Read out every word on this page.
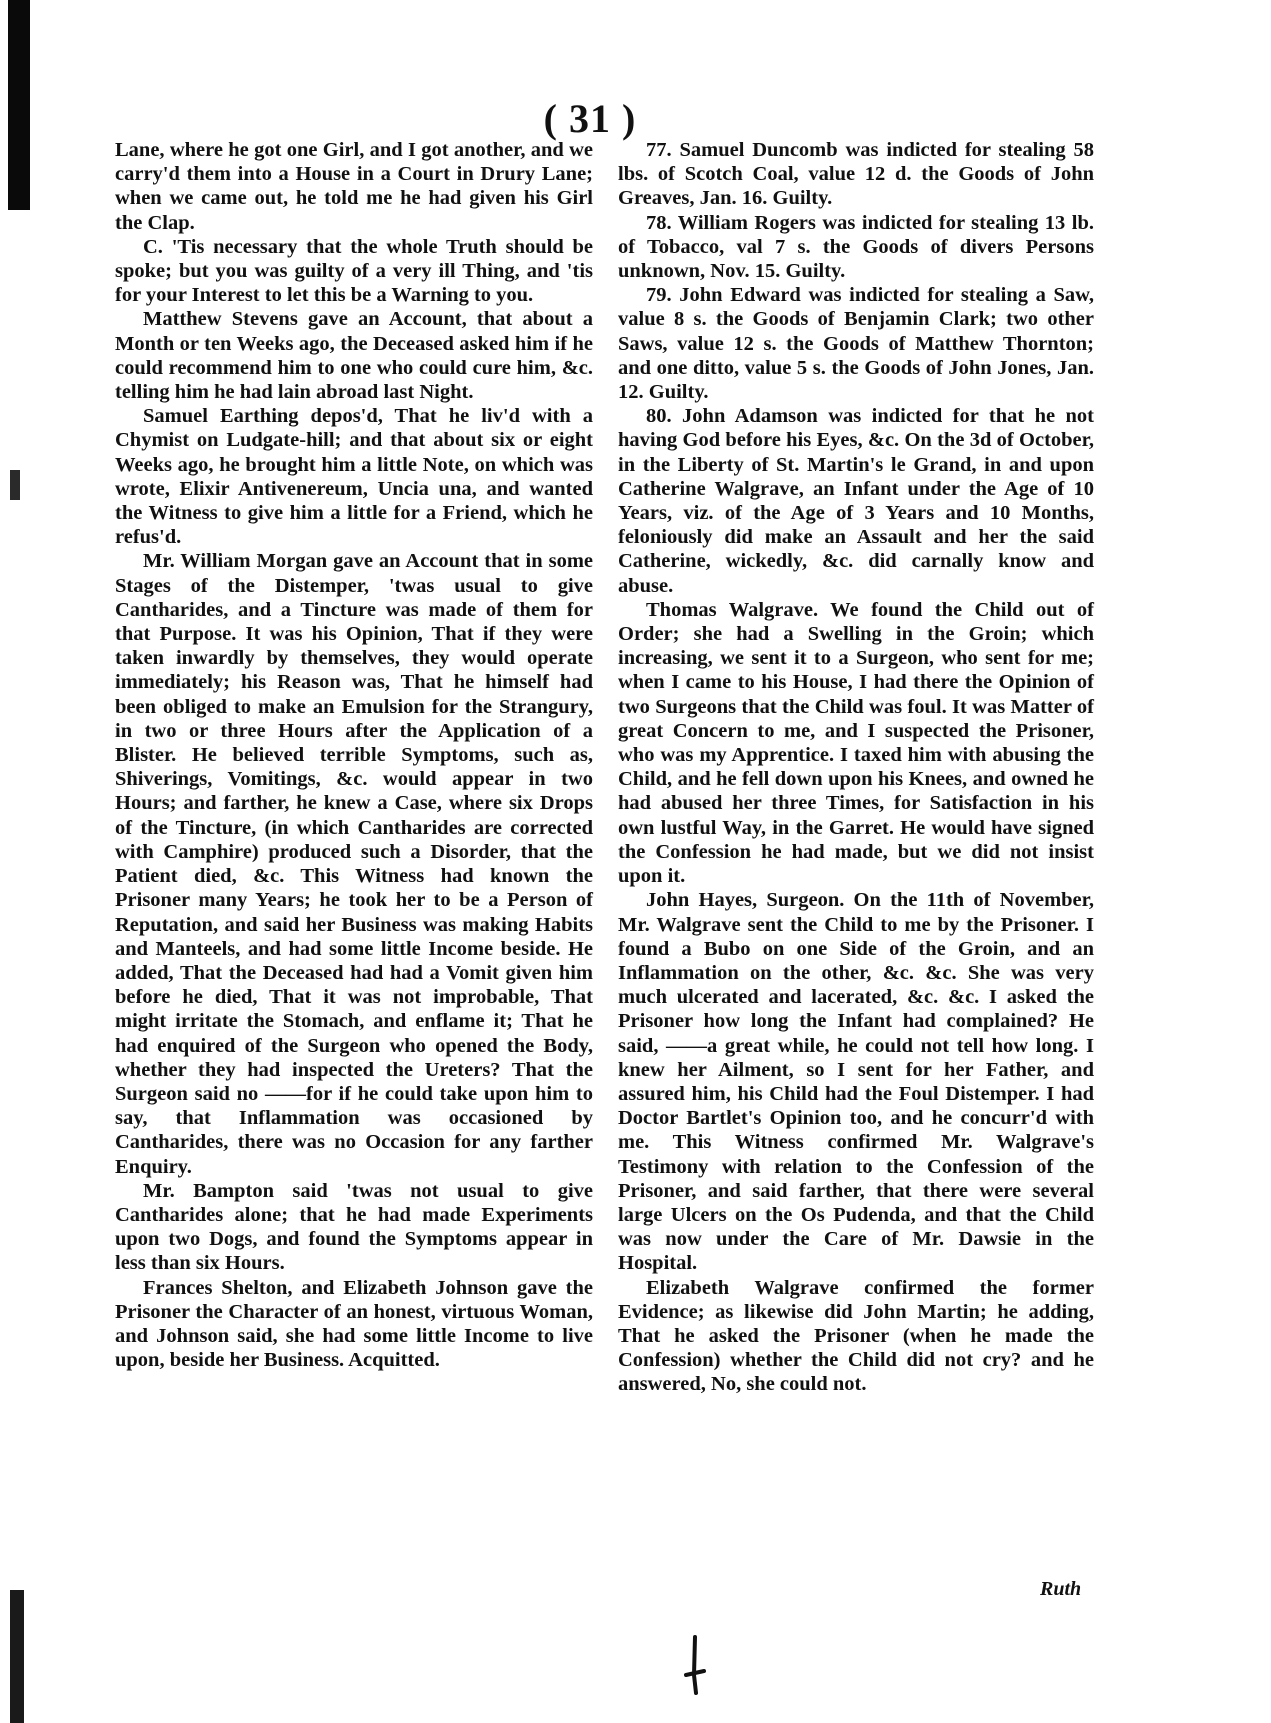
( 31 )

Lane, where he got one Girl, and I got another, and we carry'd them into a House in a Court in Drury Lane; when we came out, he told me he had given his Girl the Clap.

C. 'Tis necessary that the whole Truth should be spoke; but you was guilty of a very ill Thing, and 'tis for your Interest to let this be a Warning to you.

Matthew Stevens gave an Account, that about a Month or ten Weeks ago, the Deceased asked him if he could recommend him to one who could cure him, &c. telling him he had lain abroad last Night.

Samuel Earthing depos'd, That he liv'd with a Chymist on Ludgate-hill; and that about six or eight Weeks ago, he brought him a little Note, on which was wrote, Elixir Antivenereum, Uncia una, and wanted the Witness to give him a little for a Friend, which he refus'd.

Mr. William Morgan gave an Account that in some Stages of the Distemper, 'twas usual to give Cantharides, and a Tincture was made of them for that Purpose. It was his Opinion, That if they were taken inwardly by themselves, they would operate immediately; his Reason was, That he himself had been obliged to make an Emulsion for the Strangury, in two or three Hours after the Application of a Blister. He believed terrible Symptoms, such as, Shiverings, Vomitings, &c. would appear in two Hours; and farther, he knew a Case, where six Drops of the Tincture, (in which Cantharides are corrected with Camphire) produced such a Disorder, that the Patient died, &c. This Witness had known the Prisoner many Years; he took her to be a Person of Reputation, and said her Business was making Habits and Manteels, and had some little Income beside. He added, That the Deceased had had a Vomit given him before he died, That it was not improbable, That might irritate the Stomach, and enflame it; That he had enquired of the Surgeon who opened the Body, whether they had inspected the Ureters? That the Surgeon said no ——for if he could take upon him to say, that Inflammation was occasioned by Cantharides, there was no Occasion for any farther Enquiry.

Mr. Bampton said 'twas not usual to give Cantharides alone; that he had made Experiments upon two Dogs, and found the Symptoms appear in less than six Hours.

Frances Shelton, and Elizabeth Johnson gave the Prisoner the Character of an honest, virtuous Woman, and Johnson said, she had some little Income to live upon, beside her Business. Acquitted.

77. Samuel Duncomb was indicted for stealing 58 lbs. of Scotch Coal, value 12 d. the Goods of John Greaves, Jan. 16. Guilty.

78. William Rogers was indicted for stealing 13 lb. of Tobacco, val 7 s. the Goods of divers Persons unknown, Nov. 15. Guilty.

79. John Edward was indicted for stealing a Saw, value 8 s. the Goods of Benjamin Clark; two other Saws, value 12 s. the Goods of Matthew Thornton; and one ditto, value 5 s. the Goods of John Jones, Jan. 12. Guilty.

80. John Adamson was indicted for that he not having God before his Eyes, &c. On the 3d of October, in the Liberty of St. Martin's le Grand, in and upon Catherine Walgrave, an Infant under the Age of 10 Years, viz. of the Age of 3 Years and 10 Months, feloniously did make an Assault and her the said Catherine, wickedly, &c. did carnally know and abuse.

Thomas Walgrave. We found the Child out of Order; she had a Swelling in the Groin; which increasing, we sent it to a Surgeon, who sent for me; when I came to his House, I had there the Opinion of two Surgeons that the Child was foul. It was Matter of great Concern to me, and I suspected the Prisoner, who was my Apprentice. I taxed him with abusing the Child, and he fell down upon his Knees, and owned he had abused her three Times, for Satisfaction in his own lustful Way, in the Garret. He would have signed the Confession he had made, but we did not insist upon it.

John Hayes, Surgeon. On the 11th of November, Mr. Walgrave sent the Child to me by the Prisoner. I found a Bubo on one Side of the Groin, and an Inflammation on the other, &c. &c. She was very much ulcerated and lacerated, &c. &c. I asked the Prisoner how long the Infant had complained? He said, ——a great while, he could not tell how long. I knew her Ailment, so I sent for her Father, and assured him, his Child had the Foul Distemper. I had Doctor Bartlet's Opinion too, and he concurr'd with me. This Witness confirmed Mr. Walgrave's Testimony with relation to the Confession of the Prisoner, and said farther, that there were several large Ulcers on the Os Pudenda, and that the Child was now under the Care of Mr. Dawsie in the Hospital.

Elizabeth Walgrave confirmed the former Evidence; as likewise did John Martin; he adding, That he asked the Prisoner (when he made the Confession) whether the Child did not cry? and he answered, No, she could not.

Ruth
